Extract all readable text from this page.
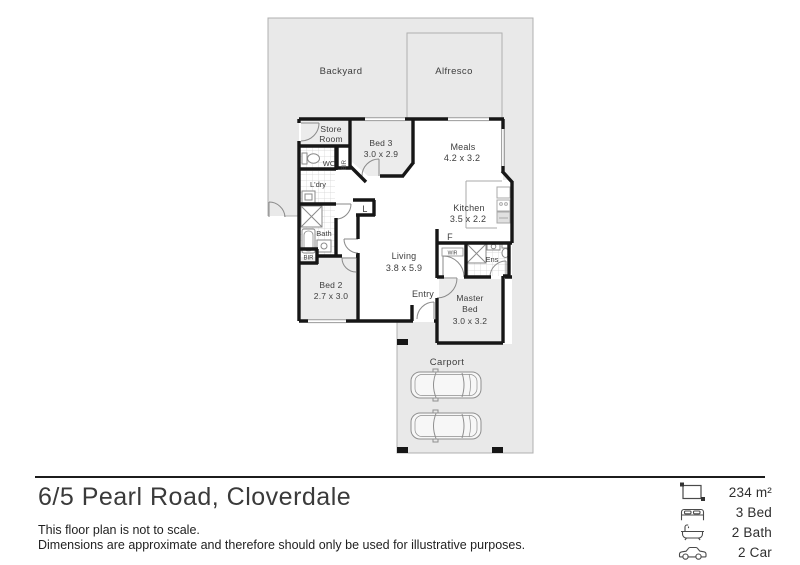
Backyard	Alfresco
Carport
Entry
Store
Room	Bed 3
3.0 x 2.9
Meals
4.2 x 3.2
Kitchen
3.5 x 2.2
Living
3.8 x 5.9
Bed 2
2.7 x 3.0	Master
Bed
3.0 x 3.2
WC
L'dry
Bath
Ens
WIR
L
F
BIR
BIR
6/5 Pearl Road, Cloverdale
This floor plan is not to scale.
Dimensions are approximate and therefore should only be used for illustrative purposes.
234 m²
3 Bed
2 Bath
2 Car
